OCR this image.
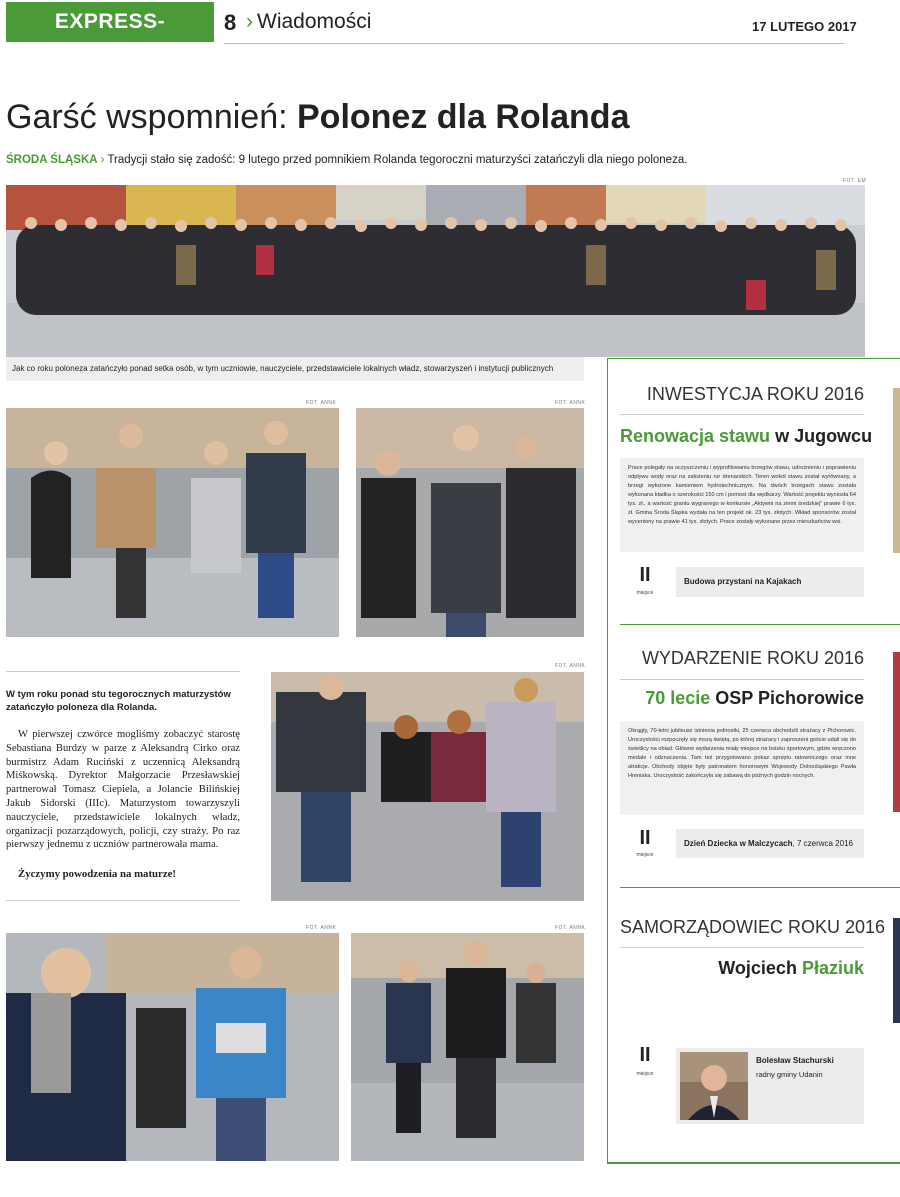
EXPRESS-MIEJSKI.PL
8 › Wiadomości	17 LUTEGO 2017
Garść wspomnień: Polonez dla Rolanda
ŚRODA ŚLĄSKA › Tradycji stało się zadość: 9 lutego przed pomnikiem Rolanda tegoroczni maturzyści zatańczyli dla niego poloneza.
FOT. EM
Jak co roku poloneza zatańczyło ponad setka osób, w tym uczniowie, nauczyciele, przedstawiciele lokalnych władz, stowarzyszeń i instytucji publicznych
FOT. ANNK	FOT. ANNK
W tym roku ponad stu tegorocznych maturzystów zatańczyło poloneza dla Rolanda.
W pierwszej czwórce mogliśmy zobaczyć starostę Sebastiana Burdzy w parze z Aleksandrą Cirko oraz burmistrz Adam Ruciński z uczennicą Aleksandrą Miśkowską. Dyrektor Małgorzacie Przesławskiej partnerował Tomasz Ciepiela, a Jolancie Bilińskiej Jakub Sidorski (IIIc). Maturzystom towarzyszyli nauczyciele, przedstawiciele lokalnych władz, organizacji pozarządowych, policji, czy straży. Po raz pierwszy jednemu z uczniów partnerowała mama.
Życzymy powodzenia na maturze!
FOT. ANNK
FOT. ANNK	FOT. ANNK
INWESTYCJA ROKU 2016
Renowacja stawu w Jugowcu
Prace polegały na oczyszczeniu i wyprofilowaniu brzegów stawu, udrożnieniu i poprawieniu odpływu wody oraz na założeniu rur drenarskich. Teren wokół stawu został wyrównany, a brzegi wyłożone kamieniem hydrotechnicznym. Na dwóch brzegach stawu została wykonana kładka o szerokości 150 cm i pomost dla wędkarzy. Wartość projektu wyniosła 64 tys. zł., a wartość grantu wygranego w konkursie „Aktywni na ziemi średzkiej” prawie 6 tys. zł. Gmina Środa Śląska wydała na ten projekt ok. 23 tys. złotych. Wkład sponsorów został wyceniony na prawie 41 tys. złotych. Prace zostały wykonane przez mieszkańców wsi.
II
miejsce
Budowa przystani na Kajakach
WYDARZENIE ROKU 2016
70 lecie OSP Pichorowice
Okrągły, 70-letni jubileusz istnienia jednostki, 25 czerwca obchodzili strażacy z Pichorowic. Uroczystości rozpoczęły się mszą świętą, po której strażacy i zaproszeni goście udali się do świetlicy na obiad. Główne wydarzenia miały miejsce na boisku sportowym, gdzie wręczono medale i odznaczenia. Tam też przygotowano pokaz sprzętu ratowniczego oraz inne atrakcje. Obchody objęte były patronatem honorowym Wojewody Dolnośląskiego Pawła Hreniaka. Uroczystość zakończyła się zabawą do późnych godzin nocnych.
II
miejsce
Dzień Dziecka w Malczycach, 7 czerwca 2016
SAMORZĄDOWIEC ROKU 2016
Wojciech Płaziuk
II
miejsce
Bolesław Stachurski
radny gminy Udanin
